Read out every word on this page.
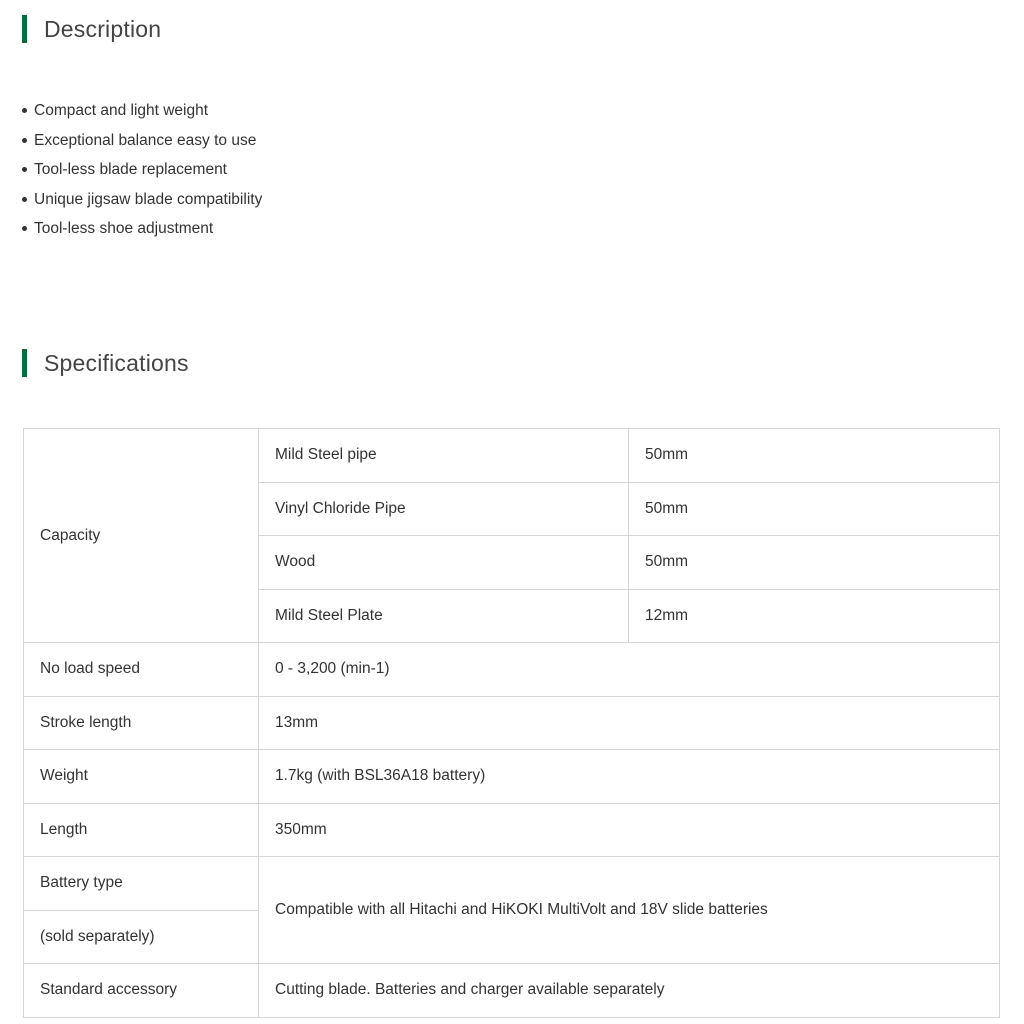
Description
Compact and light weight
Exceptional balance easy to use
Tool-less blade replacement
Unique jigsaw blade compatibility
Tool-less shoe adjustment
Specifications
Capacity	Mild Steel pipe	50mm
	Vinyl Chloride Pipe	50mm
	Wood	50mm
	Mild Steel Plate	12mm
No load speed	0 - 3,200 (min-1)	
Stroke length	13mm	
Weight	1.7kg (with BSL36A18 battery)	
Length	350mm	
Battery type	Compatible with all Hitachi and HiKOKI MultiVolt and 18V slide batteries	
(sold separately)		
Standard accessory	Cutting blade. Batteries and charger available separately	
